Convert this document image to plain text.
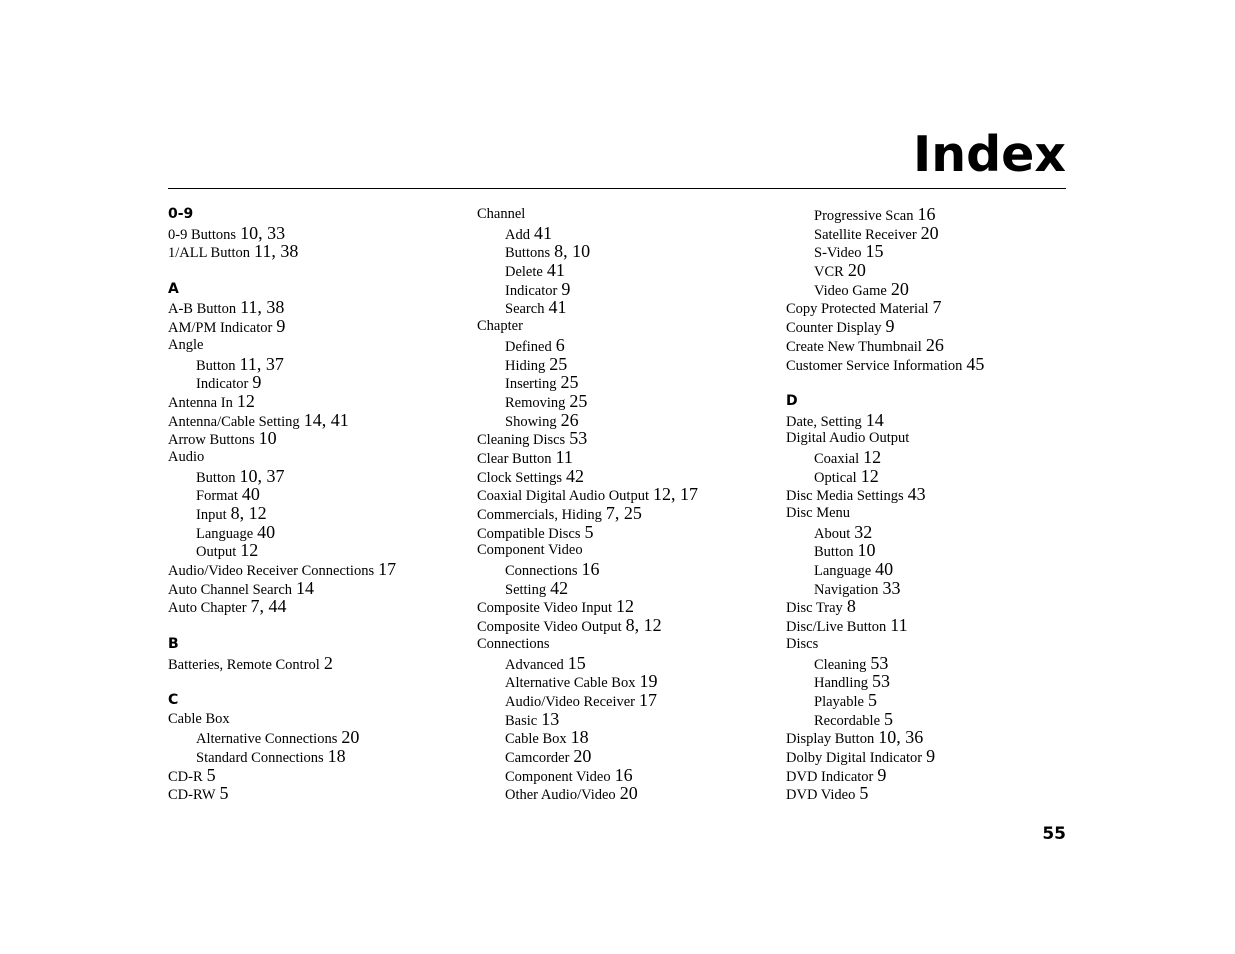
Index
0-9
0-9 Buttons 10, 33
1/ALL Button 11, 38
A
A-B Button 11, 38
AM/PM Indicator 9
Angle
Button 11, 37
Indicator 9
Antenna In 12
Antenna/Cable Setting 14, 41
Arrow Buttons 10
Audio
Button 10, 37
Format 40
Input 8, 12
Language 40
Output 12
Audio/Video Receiver Connections 17
Auto Channel Search 14
Auto Chapter 7, 44
B
Batteries, Remote Control 2
C
Cable Box
Alternative Connections 20
Standard Connections 18
CD-R 5
CD-RW 5
Channel
Add 41
Buttons 8, 10
Delete 41
Indicator 9
Search 41
Chapter
Defined 6
Hiding 25
Inserting 25
Removing 25
Showing 26
Cleaning Discs 53
Clear Button 11
Clock Settings 42
Coaxial Digital Audio Output 12, 17
Commercials, Hiding 7, 25
Compatible Discs 5
Component Video
Connections 16
Setting 42
Composite Video Input 12
Composite Video Output 8, 12
Connections
Advanced 15
Alternative Cable Box 19
Audio/Video Receiver 17
Basic 13
Cable Box 18
Camcorder 20
Component Video 16
Other Audio/Video 20
Progressive Scan 16
Satellite Receiver 20
S-Video 15
VCR 20
Video Game 20
Copy Protected Material 7
Counter Display 9
Create New Thumbnail 26
Customer Service Information 45
D
Date, Setting 14
Digital Audio Output
Coaxial 12
Optical 12
Disc Media Settings 43
Disc Menu
About 32
Button 10
Language 40
Navigation 33
Disc Tray 8
Disc/Live Button 11
Discs
Cleaning 53
Handling 53
Playable 5
Recordable 5
Display Button 10, 36
Dolby Digital Indicator 9
DVD Indicator 9
DVD Video 5
55
